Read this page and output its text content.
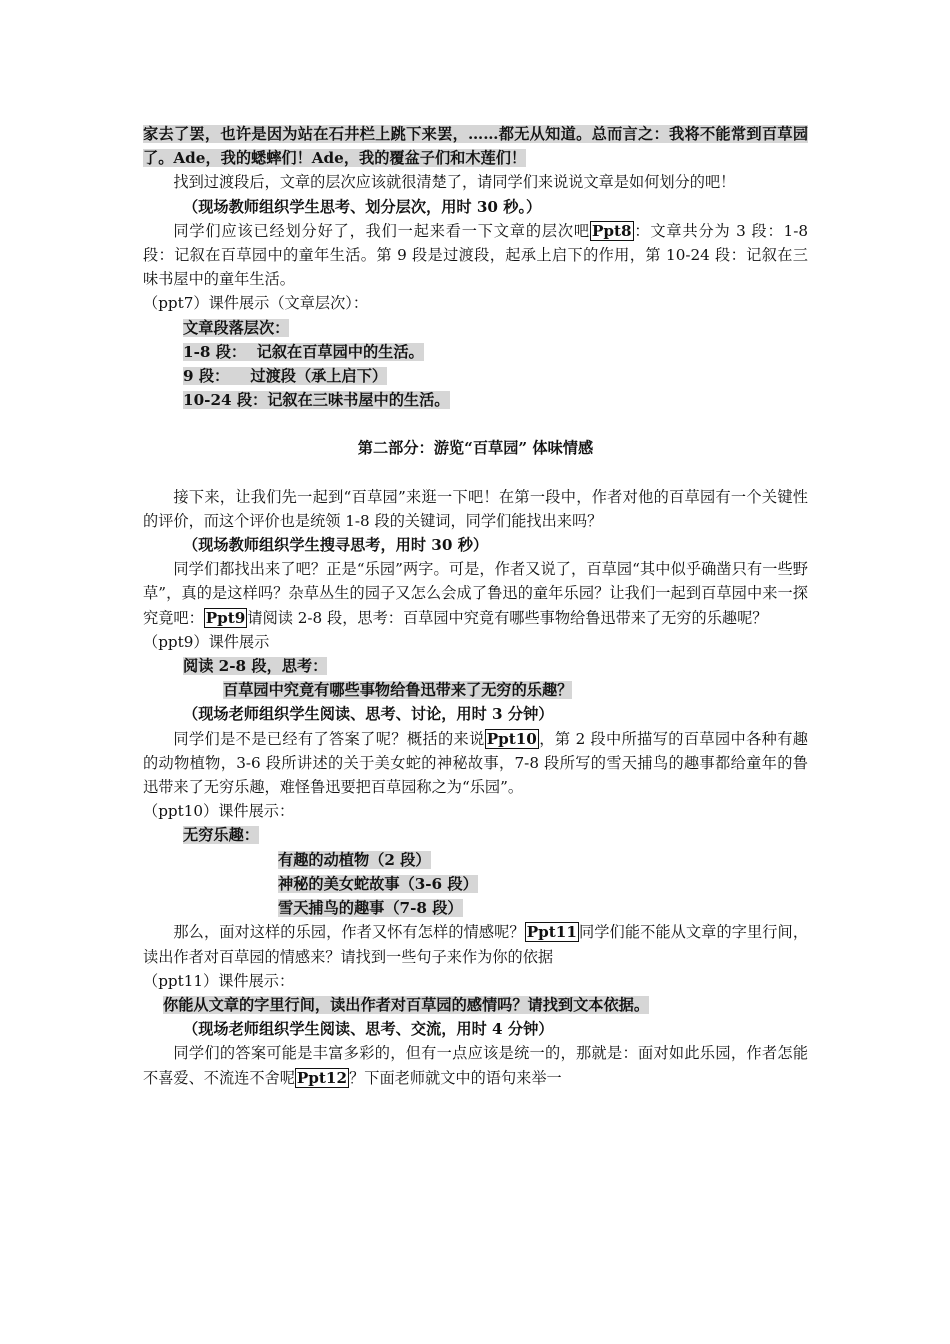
家去了罢，也许是因为站在石井栏上跳下来罢，……都无从知道。总而言之：我将不能常到百草园了。Ade，我的蟋蟀们！Ade，我的覆盆子们和木莲们！

找到过渡段后，文章的层次应该就很清楚了，请同学们来说说文章是如何划分的吧！

（现场教师组织学生思考、划分层次，用时 30 秒。）

同学们应该已经划分好了，我们一起来看一下文章的层次吧 Ppt8 ：文章共分为 3 段：1-8 段：记叙在百草园中的童年生活。第 9 段是过渡段，起承上启下的作用，第 10-24 段：记叙在三味书屋中的童年生活。

（ppt7）课件展示（文章层次）：

文章段落层次：

1-8 段：  记叙在百草园中的生活。

9 段：    过渡段（承上启下）

10-24 段：记叙在三味书屋中的生活。

第二部分：游览“百草园” 体味情感

接下来，让我们先一起到“百草园”来逛一下吧！在第一段中，作者对他的百草园有一个关键性的评价，而这个评价也是统领 1-8 段的关键词，同学们能找出来吗？

（现场教师组织学生搜寻思考，用时 30 秒）

同学们都找出来了吧？正是“乐园”两字。可是，作者又说了，百草园“其中似乎确凿只有一些野草”，真的是这样吗？杂草丛生的园子又怎么会成了鲁迅的童年乐园？让我们一起到百草园中来一探究竟吧： Ppt9 请阅读 2-8 段，思考：百草园中究竟有哪些事物给鲁迅带来了无穷的乐趣呢？

（ppt9）课件展示

阅读 2-8 段，思考：

百草园中究竟有哪些事物给鲁迅带来了无穷的乐趣？

（现场老师组织学生阅读、思考、讨论，用时 3 分钟）

同学们是不是已经有了答案了呢？概括的来说 Ppt10 ，第 2 段中所描写的百草园中各种有趣的动物植物，3-6 段所讲述的关于美女蛇的神秘故事，7-8 段所写的雪天捕鸟的趣事都给童年的鲁迅带来了无穷乐趣，难怪鲁迅要把百草园称之为“乐园”。

（ppt10）课件展示：

无穷乐趣：

有趣的动植物（2 段）

神秘的美女蛇故事（3-6 段）

雪天捕鸟的趣事（7-8 段）

那么，面对这样的乐园，作者又怀有怎样的情感呢？ Ppt11 同学们能不能从文章的字里行间，读出作者对百草园的情感来？请找到一些句子来作为你的依据

（ppt11）课件展示：

你能从文章的字里行间，读出作者对百草园的感情吗？请找到文本依据。

（现场老师组织学生阅读、思考、交流，用时 4 分钟）

同学们的答案可能是丰富多彩的，但有一点应该是统一的，那就是：面对如此乐园，作者怎能不喜爱、不流连不舍呢 Ppt12 ？下面老师就文中的语句来举一
